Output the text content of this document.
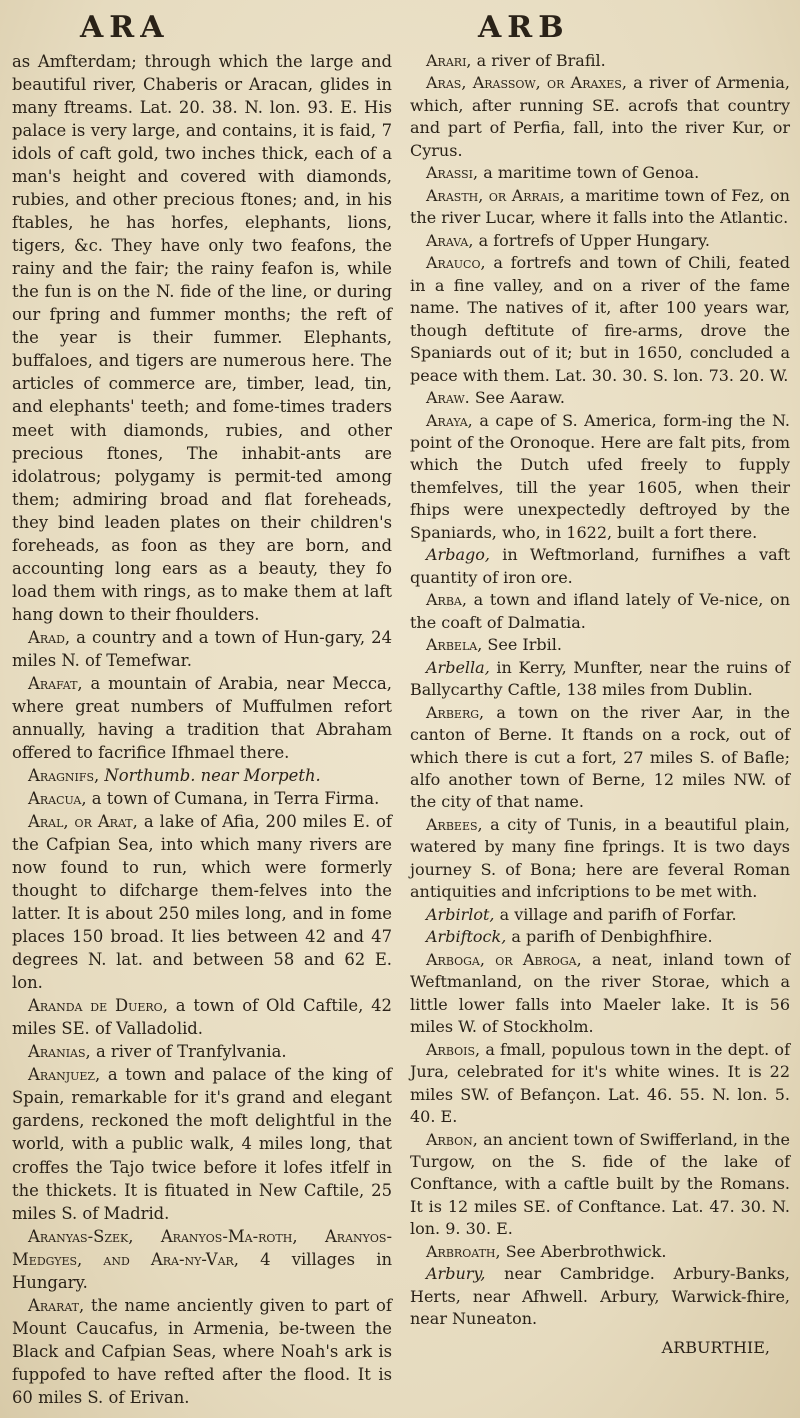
ARA	ARB

as Amfterdam; through which the large and beautiful river, Chaberis or Aracan, glides in many ftreams. Lat. 20. 38. N. lon. 93. E. His palace is very large, and contains, it is faid, 7 idols of caft gold, two inches thick, each of a man's height and covered with diamonds, rubies, and other precious ftones; and, in his ftables, he has horfes, elephants, lions, tigers, &c. They have only two feafons, the rainy and the fair; the rainy feafon is, while the fun is on the N. fide of the line, or during our fpring and fummer months; the reft of the year is their fummer. Elephants, buffaloes, and tigers are numerous here. The articles of commerce are, timber, lead, tin, and elephants' teeth; and fome-times traders meet with diamonds, rubies, and other precious ftones, The inhabit-ants are idolatrous; polygamy is permit-ted among them; admiring broad and flat foreheads, they bind leaden plates on their children's foreheads, as foon as they are born, and accounting long ears as a beauty, they fo load them with rings, as to make them at laft hang down to their fhoulders.

Arad, a country and a town of Hun-gary, 24 miles N. of Temefwar.

Arafat, a mountain of Arabia, near Mecca, where great numbers of Muffulmen refort annually, having a tradition that Abraham offered to facrifice Ifhmael there.

Aragnifs, Northumb. near Morpeth.

Aracua, a town of Cumana, in Terra Firma.

Aral, or Arat, a lake of Afia, 200 miles E. of the Cafpian Sea, into which many rivers are now found to run, which were formerly thought to difcharge them-felves into the latter. It is about 250 miles long, and in fome places 150 broad. It lies between 42 and 47 degrees N. lat. and between 58 and 62 E. lon.

Aranda de Duero, a town of Old Caftile, 42 miles SE. of Valladolid.

Aranias, a river of Tranfylvania.

Aranjuez, a town and palace of the king of Spain, remarkable for it's grand and elegant gardens, reckoned the moft delightful in the world, with a public walk, 4 miles long, that croffes the Tajo twice before it lofes itfelf in the thickets. It is fituated in New Caftile, 25 miles S. of Madrid.

Aranyas-Szek, Aranyos-Ma-roth, Aranyos-Medgyes, and Ara-ny-Var, 4 villages in Hungary.

Ararat, the name anciently given to part of Mount Caucafus, in Armenia, be-tween the Black and Cafpian Seas, where Noah's ark is fuppofed to have refted after the flood. It is 60 miles S. of Erivan.

Arari, a river of Brafil.

Aras, Arassow, or Araxes, a river of Armenia, which, after running SE. acrofs that country and part of Perfia, fall, into the river Kur, or Cyrus.

Arassi, a maritime town of Genoa.

Arasth, or Arrais, a maritime town of Fez, on the river Lucar, where it falls into the Atlantic.

Arava, a fortrefs of Upper Hungary.

Arauco, a fortrefs and town of Chili, feated in a fine valley, and on a river of the fame name. The natives of it, after 100 years war, though deftitute of fire-arms, drove the Spaniards out of it; but in 1650, concluded a peace with them. Lat. 30. 30. S. lon. 73. 20. W.

Araw. See Aaraw.

Araya, a cape of S. America, form-ing the N. point of the Oronoque. Here are falt pits, from which the Dutch ufed freely to fupply themfelves, till the year 1605, when their fhips were unexpectedly deftroyed by the Spaniards, who, in 1622, built a fort there.

Arbago, in Weftmorland, furnifhes a vaft quantity of iron ore.

Arba, a town and ifland lately of Ve-nice, on the coaft of Dalmatia.

Arbela, See Irbil.

Arbella, in Kerry, Munfter, near the ruins of Ballycarthy Caftle, 138 miles from Dublin.

Arberg, a town on the river Aar, in the canton of Berne. It ftands on a rock, out of which there is cut a fort, 27 miles S. of Bafle; alfo another town of Berne, 12 miles NW. of the city of that name.

Arbees, a city of Tunis, in a beautiful plain, watered by many fine fprings. It is two days journey S. of Bona; here are feveral Roman antiquities and infcriptions to be met with.

Arbirlot, a village and parifh of Forfar.

Arbiftock, a parifh of Denbighfhire.

Arboga, or Abroga, a neat, inland town of Weftmanland, on the river Storae, which a little lower falls into Maeler lake. It is 56 miles W. of Stockholm.

Arbois, a fmall, populous town in the dept. of Jura, celebrated for it's white wines. It is 22 miles SW. of Befançon. Lat. 46. 55. N. lon. 5. 40. E.

Arbon, an ancient town of Swifferland, in the Turgow, on the S. fide of the lake of Conftance, with a caftle built by the Romans. It is 12 miles SE. of Conftance. Lat. 47. 30. N. lon. 9. 30. E.

Arbroath, See Aberbrothwick.

Arbury, near Cambridge. Arbury-Banks, Herts, near Afhwell. Arbury, Warwick-fhire, near Nuneaton.

ARBURTHIE,
